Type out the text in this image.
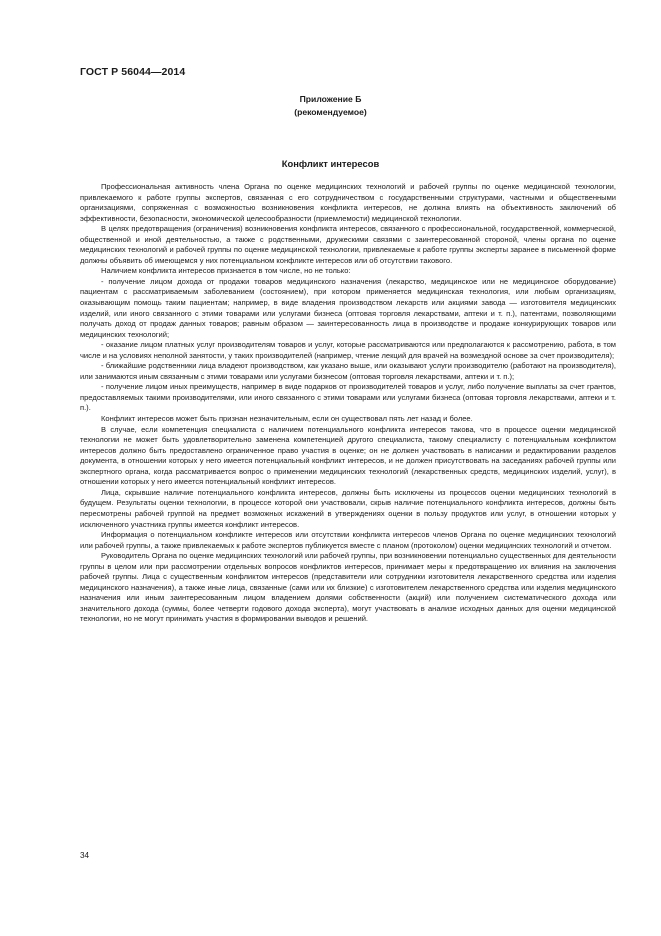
ГОСТ Р 56044—2014
Приложение Б
(рекомендуемое)
Конфликт интересов

Профессиональная активность члена Органа по оценке медицинских технологий и рабочей группы по оценке медицинской технологии, привлекаемого к работе группы экспертов, связанная с его сотрудничеством с государственными структурами, частными и общественными организациями, сопряженная с возможностью возникновения конфликта интересов, не должна влиять на объективность заключений об эффективности, безопасности, экономической целесообразности (приемлемости) медицинской технологии.

В целях предотвращения (ограничения) возникновения конфликта интересов, связанного с профессиональной, государственной, коммерческой, общественной и иной деятельностью, а также с родственными, дружескими связями с заинтересованной стороной, члены органа по оценке медицинских технологий и рабочей группы по оценке медицинской технологии, привлекаемые к работе группы эксперты заранее в письменной форме должны объявить об имеющемся у них потенциальном конфликте интересов или об отсутствии такового.

Наличием конфликта интересов признается в том числе, но не только:

- получение лицом дохода от продажи товаров медицинского назначения (лекарство, медицинское или не медицинское оборудование) пациентам с рассматриваемым заболеванием (состоянием), при котором применяется медицинская технология, или любым организациям, оказывающим помощь таким пациентам; например, в виде владения производством лекарств или акциями завода — изготовителя медицинских изделий, или иного связанного с этими товарами или услугами бизнеса (оптовая торговля лекарствами, аптеки и т. п.), патентами, позволяющими получать доход от продаж данных товаров; равным образом — заинтересованность лица в производстве и продаже конкурирующих товаров или медицинских технологий;

- оказание лицом платных услуг производителям товаров и услуг, которые рассматриваются или предполагаются к рассмотрению, работа, в том числе и на условиях неполной занятости, у таких производителей (например, чтение лекций для врачей на возмездной основе за счет производителя);

- ближайшие родственники лица владеют производством, как указано выше, или оказывают услуги производителю (работают на производителя), или занимаются иным связанным с этими товарами или услугами бизнесом (оптовая торговля лекарствами, аптеки и т. п.);

- получение лицом иных преимуществ, например в виде подарков от производителей товаров и услуг, либо получение выплаты за счет грантов, предоставляемых такими производителями, или иного связанного с этими товарами или услугами бизнеса (оптовая торговля лекарствами, аптеки и т. п.).

Конфликт интересов может быть признан незначительным, если он существовал пять лет назад и более.

В случае, если компетенция специалиста с наличием потенциального конфликта интересов такова, что в процессе оценки медицинской технологии не может быть удовлетворительно заменена компетенцией другого специалиста, такому специалисту с потенциальным конфликтом интересов должно быть предоставлено ограниченное право участия в оценке; он не должен участвовать в написании и редактировании разделов документа, в отношении которых у него имеется потенциальный конфликт интересов, и не должен присутствовать на заседаниях рабочей группы или экспертного органа, когда рассматривается вопрос о применении медицинских технологий (лекарственных средств, медицинских изделий, услуг), в отношении которых у него имеется потенциальный конфликт интересов.

Лица, скрывшие наличие потенциального конфликта интересов, должны быть исключены из процессов оценки медицинских технологий в будущем. Результаты оценки технологии, в процессе которой они участвовали, скрыв наличие потенциального конфликта интересов, должны быть пересмотрены рабочей группой на предмет возможных искажений в утверждениях оценки в пользу продуктов или услуг, в отношении которых у исключенного участника группы имеется конфликт интересов.

Информация о потенциальном конфликте интересов или отсутствии конфликта интересов членов Органа по оценке медицинских технологий или рабочей группы, а также привлекаемых к работе экспертов публикуется вместе с планом (протоколом) оценки медицинских технологий и отчетом.

Руководитель Органа по оценке медицинских технологий или рабочей группы, при возникновении потенциально существенных для деятельности группы в целом или при рассмотрении отдельных вопросов конфликтов интересов, принимает меры к предотвращению их влияния на заключения рабочей группы. Лица с существенным конфликтом интересов (представители или сотрудники изготовителя лекарственного средства или изделия медицинского назначения), а также иные лица, связанные (сами или их близкие) с изготовителем лекарственного средства или изделия медицинского назначения или иным заинтересованным лицом владением долями собственности (акций) или получением систематического дохода или значительного дохода (суммы, более четверти годового дохода эксперта), могут участвовать в анализе исходных данных для оценки медицинской технологии, но не могут принимать участия в формировании выводов и решений.

34
